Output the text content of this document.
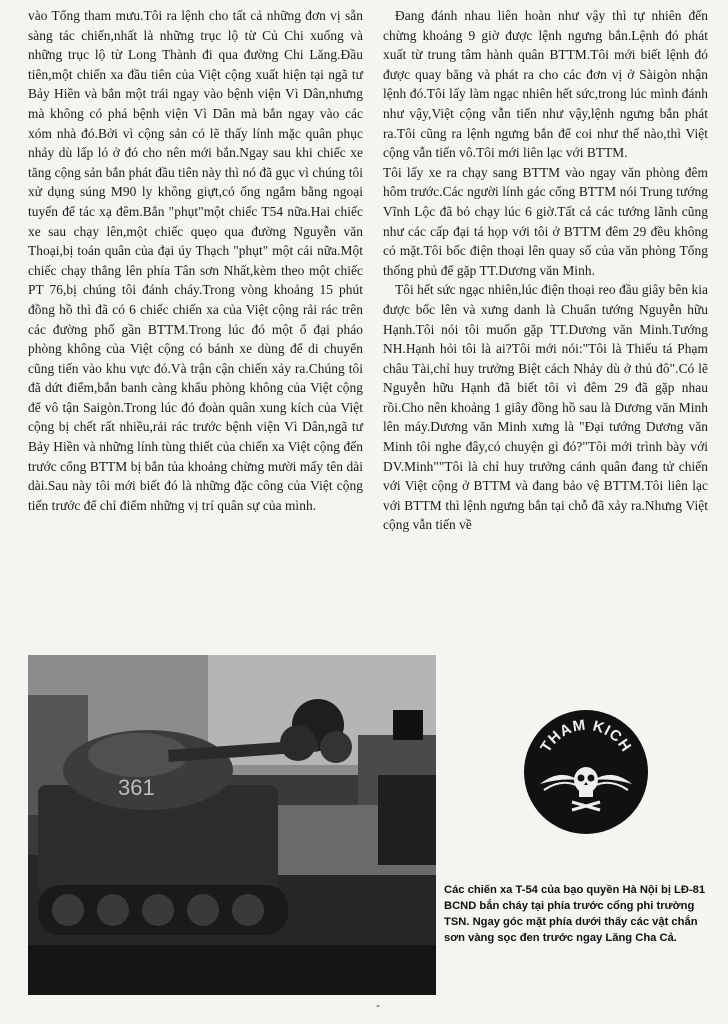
vào Tổng tham mưu.Tôi ra lệnh cho tất cả những đơn vị sẵn sàng tác chiến,nhất là những trục lộ từ Củ Chi xuống và những trục lộ từ Long Thành đi qua đường Chi Lăng.Đầu tiên,một chiến xa đầu tiên của Việt cộng xuất hiện tại ngã tư Bảy Hiền và bắn một trái ngay vào bệnh viện Vì Dân,nhưng mà không có phá bệnh viện Vì Dân mà bắn ngay vào các xóm nhà đó.Bởi vì cộng sản có lẽ thấy lính mặc quân phục nhảy dù lấp ló ở đó cho nên mới bắn.Ngay sau khi chiếc xe tăng cộng sản bắn phát đầu tiên này thì nó đã gục vì chúng tôi xử dụng súng M90 ly không giựt,có ống ngắm bằng ngoại tuyến để tác xạ đêm.Bắn "phụt"một chiếc T54 nữa.Hai chiếc xe sau chạy lên,một chiếc quẹo qua đường Nguyễn văn Thoại,bị toán quân của đại úy Thạch "phụt" một cái nữa.Một chiếc chạy thẳng lên phía Tân sơn Nhất,kèm theo một chiếc PT 76,bị chúng tôi đánh cháy.Trong vòng khoảng 15 phút đồng hồ thì đã có 6 chiếc chiến xa của Việt cộng rải rác trên các đường phố gần BTTM.Trong lúc đó một ổ đại pháo phòng không của Việt cộng có bánh xe dùng để di chuyển cũng tiến vào khu vực đó.Và trận cận chiến xảy ra.Chúng tôi đã dứt điểm,bắn banh càng khẩu phòng không của Việt cộng để vô tận Saigòn.Trong lúc đó đoàn quân xung kích của Việt cộng bị chết rất nhiều,rải rác trước bệnh viện Vì Dân,ngã tư Bảy Hiền và những lính tùng thiết của chiến xa Việt cộng đến trước cổng BTTM bị bắn tủa khoảng chừng mười mấy tên dài dài.Sau này tôi mới biết đó là những đặc công của Việt cộng tiến trước để chỉ điểm những vị trí quân sự của mình.

Đang đánh nhau liên hoàn như vậy thì tự nhiên đến chừng khoảng 9 giờ được lệnh ngưng bắn.Lệnh đó phát xuất từ trung tâm hành quân BTTM.Tôi mới biết lệnh đó được quay băng và phát ra cho các đơn vị ở Sàigòn nhận lệnh đó.Tôi lấy làm ngạc nhiên hết sức,trong lúc mình đánh như vậy,Việt cộng vẫn tiến như vậy,lệnh ngưng bắn phát ra.Tôi cũng ra lệnh ngưng bắn để coi như thế nào,thì Việt cộng vẫn tiến vô.Tôi mới liên lạc với BTTM.

Tôi lấy xe ra chạy sang BTTM vào ngay văn phòng đêm hôm trước.Các người lính gác cổng BTTM nói Trung tướng Vĩnh Lộc đã bỏ chạy lúc 6 giờ.Tất cả các tướng lãnh cũng như các cấp đại tá họp với tôi ở BTTM đêm 29 đều không có mặt.Tôi bốc điện thoại lên quay số của văn phòng Tổng thống phủ để gặp TT.Dương văn Minh.

Tôi hết sức ngạc nhiên,lúc điện thoại reo đầu giây bên kia được bốc lên và xưng danh là Chuẩn tướng Nguyễn hữu Hạnh.Tôi nói tôi muốn gặp TT.Dương văn Minh.Tướng NH.Hạnh hỏi tôi là ai?Tôi mới nói:"Tôi là Thiếu tá Phạm châu Tài,chỉ huy trưởng Biệt cách Nhảy dù ở thủ đô".Có lẽ Nguyễn hữu Hạnh đã biết tôi vì đêm 29 đã gặp nhau rồi.Cho nên khoảng 1 giây đồng hồ sau là Dương văn Minh lên máy.Dương văn Minh xưng là "Đại tướng Dương văn Minh tôi nghe đây,có chuyện gì đó?"Tôi mới trình bày với DV.Minh""Tôi là chỉ huy trưởng cánh quân đang tử chiến với Việt cộng ở BTTM và đang bảo vệ BTTM.Tôi liên lạc với BTTM thì lệnh ngưng bắn tại chỗ đã xảy ra.Nhưng Việt cộng vẫn tiến về

361
Các chiến xa T-54 của bạo quyền Hà Nội bị LĐ-81 BCND bắn cháy tại phía trước cổng phi trường TSN. Ngay góc mặt phía dưới thấy các vật chắn sơn vàng sọc đen trước ngay Lăng Cha Cả.
THAM KICH
-
